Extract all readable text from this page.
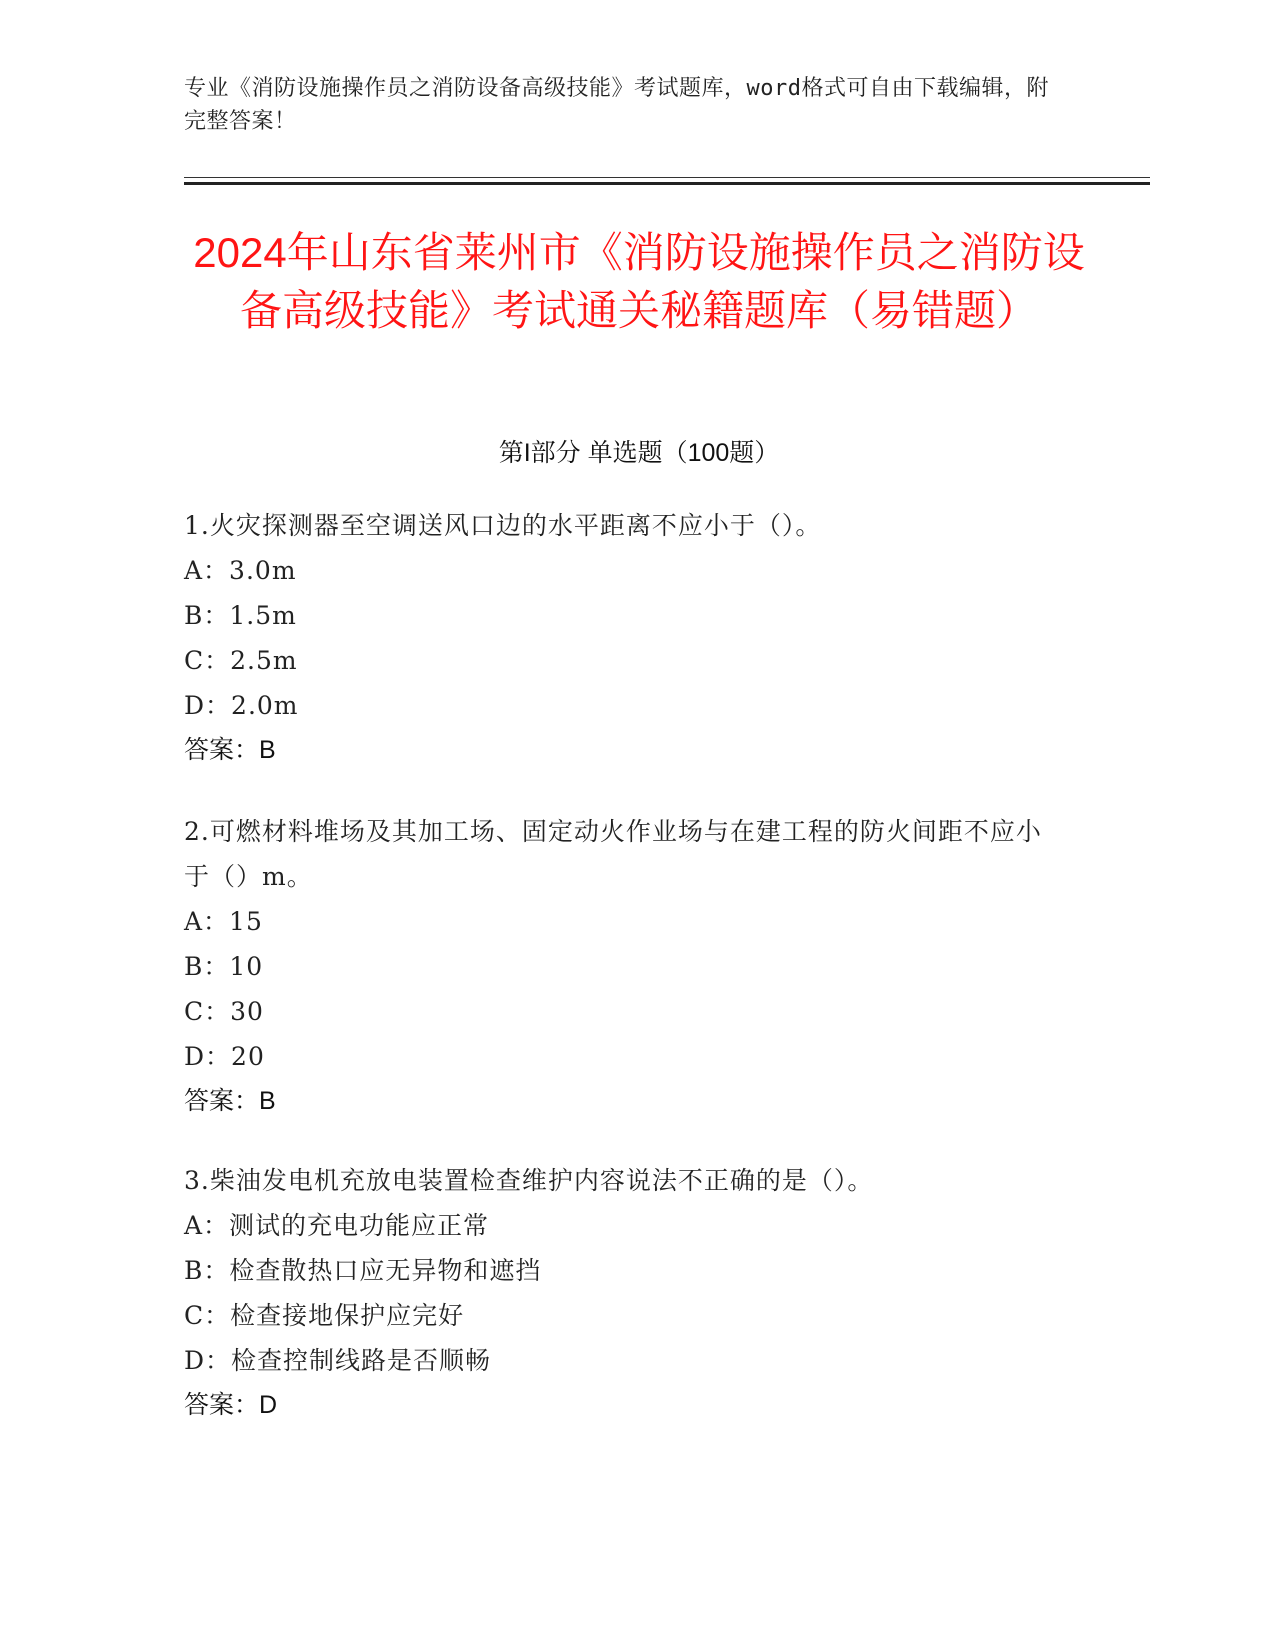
专业《消防设施操作员之消防设备高级技能》考试题库，word格式可自由下载编辑，附完整答案！
2024年山东省莱州市《消防设施操作员之消防设备高级技能》考试通关秘籍题库（易错题）
第I部分 单选题（100题）
1.火灾探测器至空调送风口边的水平距离不应小于（）。
A：3.0m
B：1.5m
C：2.5m
D：2.0m
答案：B
2.可燃材料堆场及其加工场、固定动火作业场与在建工程的防火间距不应小于（）m。
A：15
B：10
C：30
D：20
答案：B
3.柴油发电机充放电装置检查维护内容说法不正确的是（）。
A：测试的充电功能应正常
B：检查散热口应无异物和遮挡
C：检查接地保护应完好
D：检查控制线路是否顺畅
答案：D
